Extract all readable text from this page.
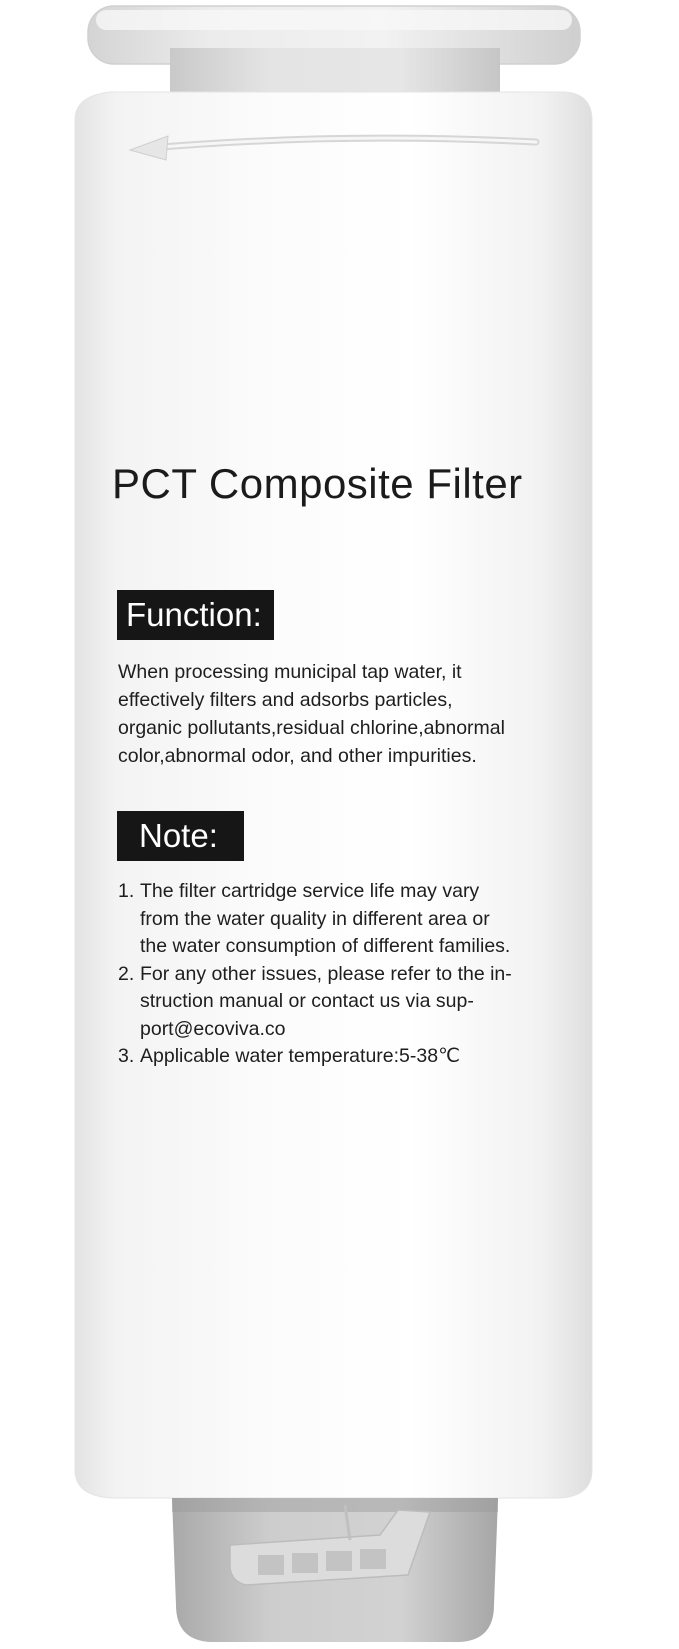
PCT Composite Filter
Function:
When processing municipal tap water, it
effectively filters and adsorbs particles,
organic pollutants,residual chlorine,abnormal
color,abnormal odor, and other impurities.
Note:
1. The filter cartridge service life may vary
from the water quality in different area or
the water consumption of different families.
2. For any other issues, please refer to the in-
struction manual or contact us via sup-
port@ecoviva.co
3. Applicable water temperature:5-38℃
